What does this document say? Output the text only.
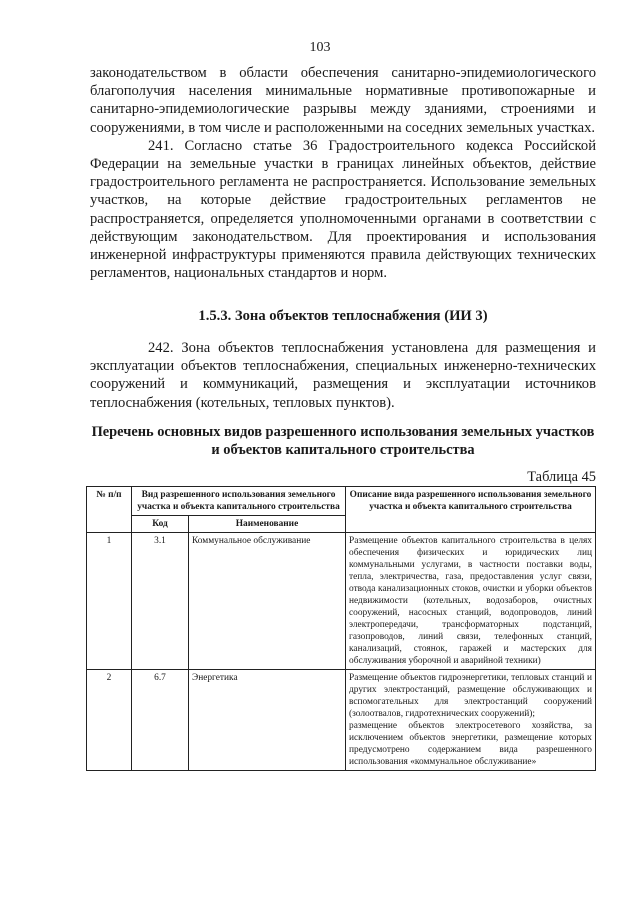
103

законодательством в области обеспечения санитарно-эпидемиологического благополучия населения минимальные нормативные противопожарные и санитарно-эпидемиологические разрывы между зданиями, строениями и сооружениями, в том числе и расположенными на соседних земельных участках.

241. Согласно статье 36 Градостроительного кодекса Российской Федерации на земельные участки в границах линейных объектов, действие градостроительного регламента не распространяется. Использование земельных участков, на которые действие градостроительных регламентов не распространяется, определяется уполномоченными органами в соответствии с действующим законодательством. Для проектирования и использования инженерной инфраструктуры применяются правила действующих технических регламентов, национальных стандартов и норм.

1.5.3. Зона объектов теплоснабжения (ИИ 3)

242. Зона объектов теплоснабжения установлена для размещения и эксплуатации объектов теплоснабжения, специальных инженерно-технических сооружений и коммуникаций, размещения и эксплуатации источников теплоснабжения (котельных, тепловых пунктов).

Перечень основных видов разрешенного использования земельных участков и объектов капитального строительства
Таблица 45
№ п/п	Вид разрешенного использования земельного участка и объекта капитального строительства		Описание вида разрешенного использования земельного участка и объекта капитального строительства
	Код	Наименование	
1	3.1	Коммунальное обслуживание	Размещение объектов капитального строительства в целях обеспечения физических и юридических лиц коммунальными услугами, в частности поставки воды, тепла, электричества, газа, предоставления услуг связи, отвода канализационных стоков, очистки и уборки объектов недвижимости (котельных, водозаборов, очистных сооружений, насосных станций, водопроводов, линий электропередачи, трансформаторных подстанций, газопроводов, линий связи, телефонных станций, канализаций, стоянок, гаражей и мастерских для обслуживания уборочной и аварийной техники)
2	6.7	Энергетика	Размещение объектов гидроэнергетики, тепловых станций и других электростанций, размещение обслуживающих и вспомогательных для электростанций сооружений (золоотвалов, гидротехнических сооружений);
размещение объектов электросетевого хозяйства, за исключением объектов энергетики, размещение которых предусмотрено содержанием вида разрешенного использования «коммунальное обслуживание»
